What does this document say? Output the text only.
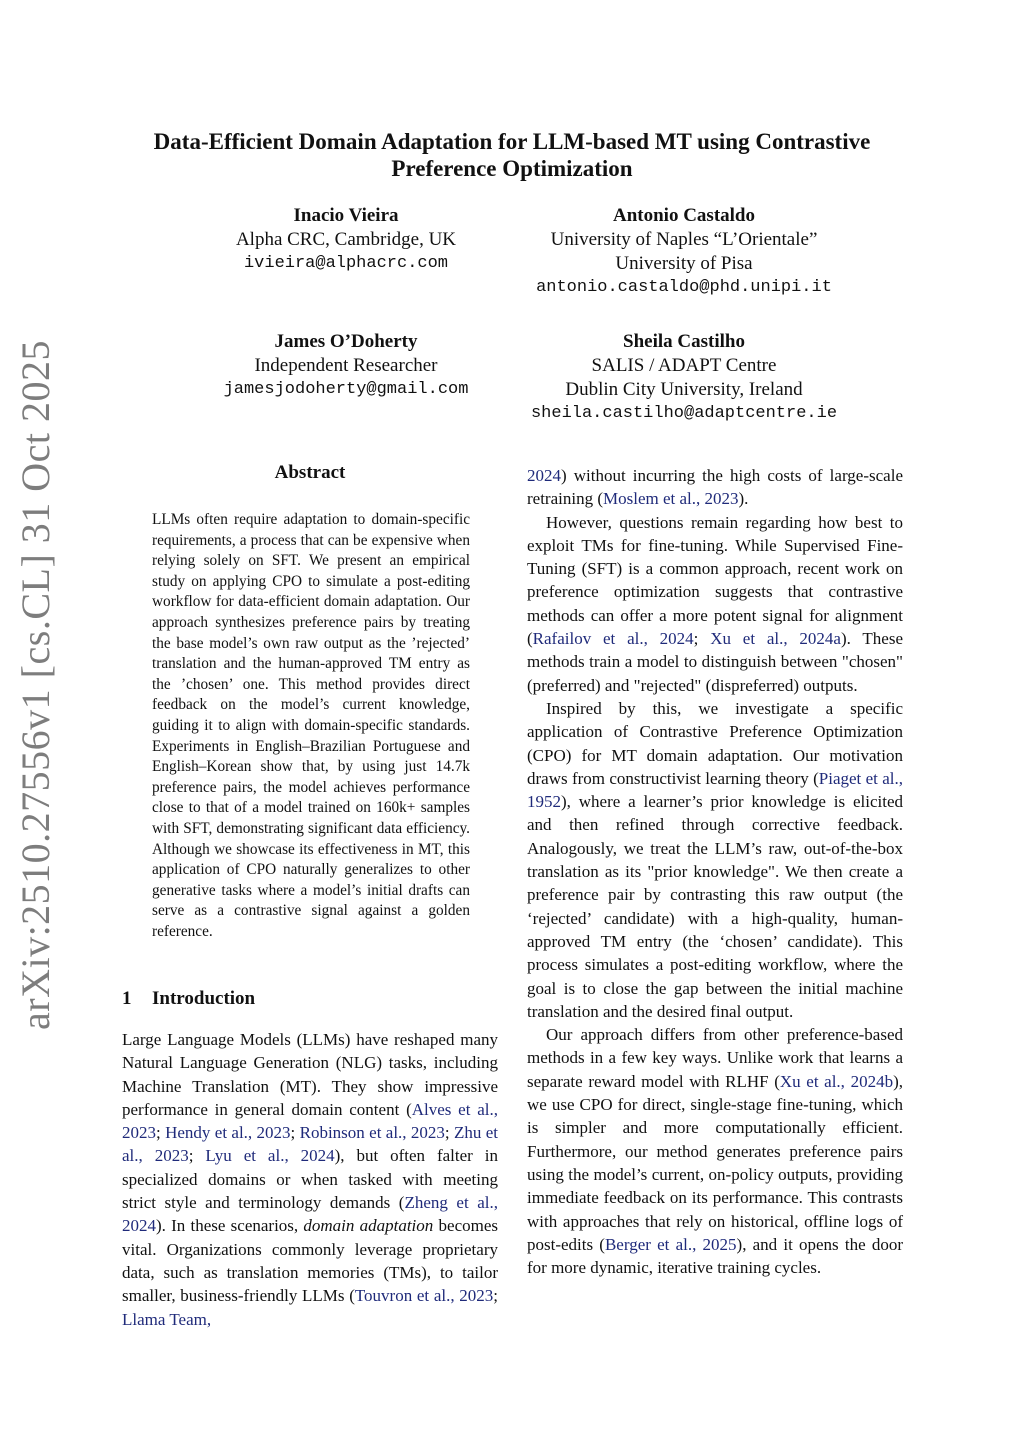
Data-Efficient Domain Adaptation for LLM-based MT using Contrastive
Preference Optimization
Inacio Vieira
Alpha CRC, Cambridge, UK
ivieira@alphacrc.com
Antonio Castaldo
University of Naples “L’Orientale”
University of Pisa
antonio.castaldo@phd.unipi.it
James O’Doherty
Independent Researcher
jamesjodoherty@gmail.com
Sheila Castilho
SALIS / ADAPT Centre
Dublin City University, Ireland
sheila.castilho@adaptcentre.ie
arXiv:2510.27556v1 [cs.CL] 31 Oct 2025	Abstract

LLMs often require adaptation to domain-specific requirements, a process that can be expensive when relying solely on SFT. We present an empirical study on applying CPO to simulate a post-editing workflow for data-efficient domain adaptation. Our approach synthesizes preference pairs by treating the base model’s own raw output as the ’rejected’ translation and the human-approved TM entry as the ’chosen’ one. This method provides direct feedback on the model’s current knowledge, guiding it to align with domain-specific standards. Experiments in English–Brazilian Portuguese and English–Korean show that, by using just 14.7k preference pairs, the model achieves performance close to that of a model trained on 160k+ samples with SFT, demonstrating significant data efficiency. Although we showcase its effectiveness in MT, this application of CPO naturally generalizes to other generative tasks where a model’s initial drafts can serve as a contrastive signal against a golden reference.

1 Introduction

Large Language Models (LLMs) have reshaped many Natural Language Generation (NLG) tasks, including Machine Translation (MT). They show impressive performance in general domain content (Alves et al., 2023; Hendy et al., 2023; Robinson et al., 2023; Zhu et al., 2023; Lyu et al., 2024), but often falter in specialized domains or when tasked with meeting strict style and terminology demands (Zheng et al., 2024). In these scenarios, domain adaptation becomes vital. Organizations commonly leverage proprietary data, such as translation memories (TMs), to tailor smaller, business-friendly LLMs (Touvron et al., 2023; Llama Team,

2024) without incurring the high costs of large-scale retraining (Moslem et al., 2023).

However, questions remain regarding how best to exploit TMs for fine-tuning. While Supervised Fine-Tuning (SFT) is a common approach, recent work on preference optimization suggests that contrastive methods can offer a more potent signal for alignment (Rafailov et al., 2024; Xu et al., 2024a). These methods train a model to distinguish between "chosen" (preferred) and "rejected" (dispreferred) outputs.

Inspired by this, we investigate a specific application of Contrastive Preference Optimization (CPO) for MT domain adaptation. Our motivation draws from constructivist learning theory (Piaget et al., 1952), where a learner’s prior knowledge is elicited and then refined through corrective feedback. Analogously, we treat the LLM’s raw, out-of-the-box translation as its "prior knowledge". We then create a preference pair by contrasting this raw output (the ‘rejected’ candidate) with a high-quality, human-approved TM entry (the ‘chosen’ candidate). This process simulates a post-editing workflow, where the goal is to close the gap between the initial machine translation and the desired final output.

Our approach differs from other preference-based methods in a few key ways. Unlike work that learns a separate reward model with RLHF (Xu et al., 2024b), we use CPO for direct, single-stage fine-tuning, which is simpler and more computationally efficient. Furthermore, our method generates preference pairs using the model’s current, on-policy outputs, providing immediate feedback on its performance. This contrasts with approaches that rely on historical, offline logs of post-edits (Berger et al., 2025), and it opens the door for more dynamic, iterative training cycles.
